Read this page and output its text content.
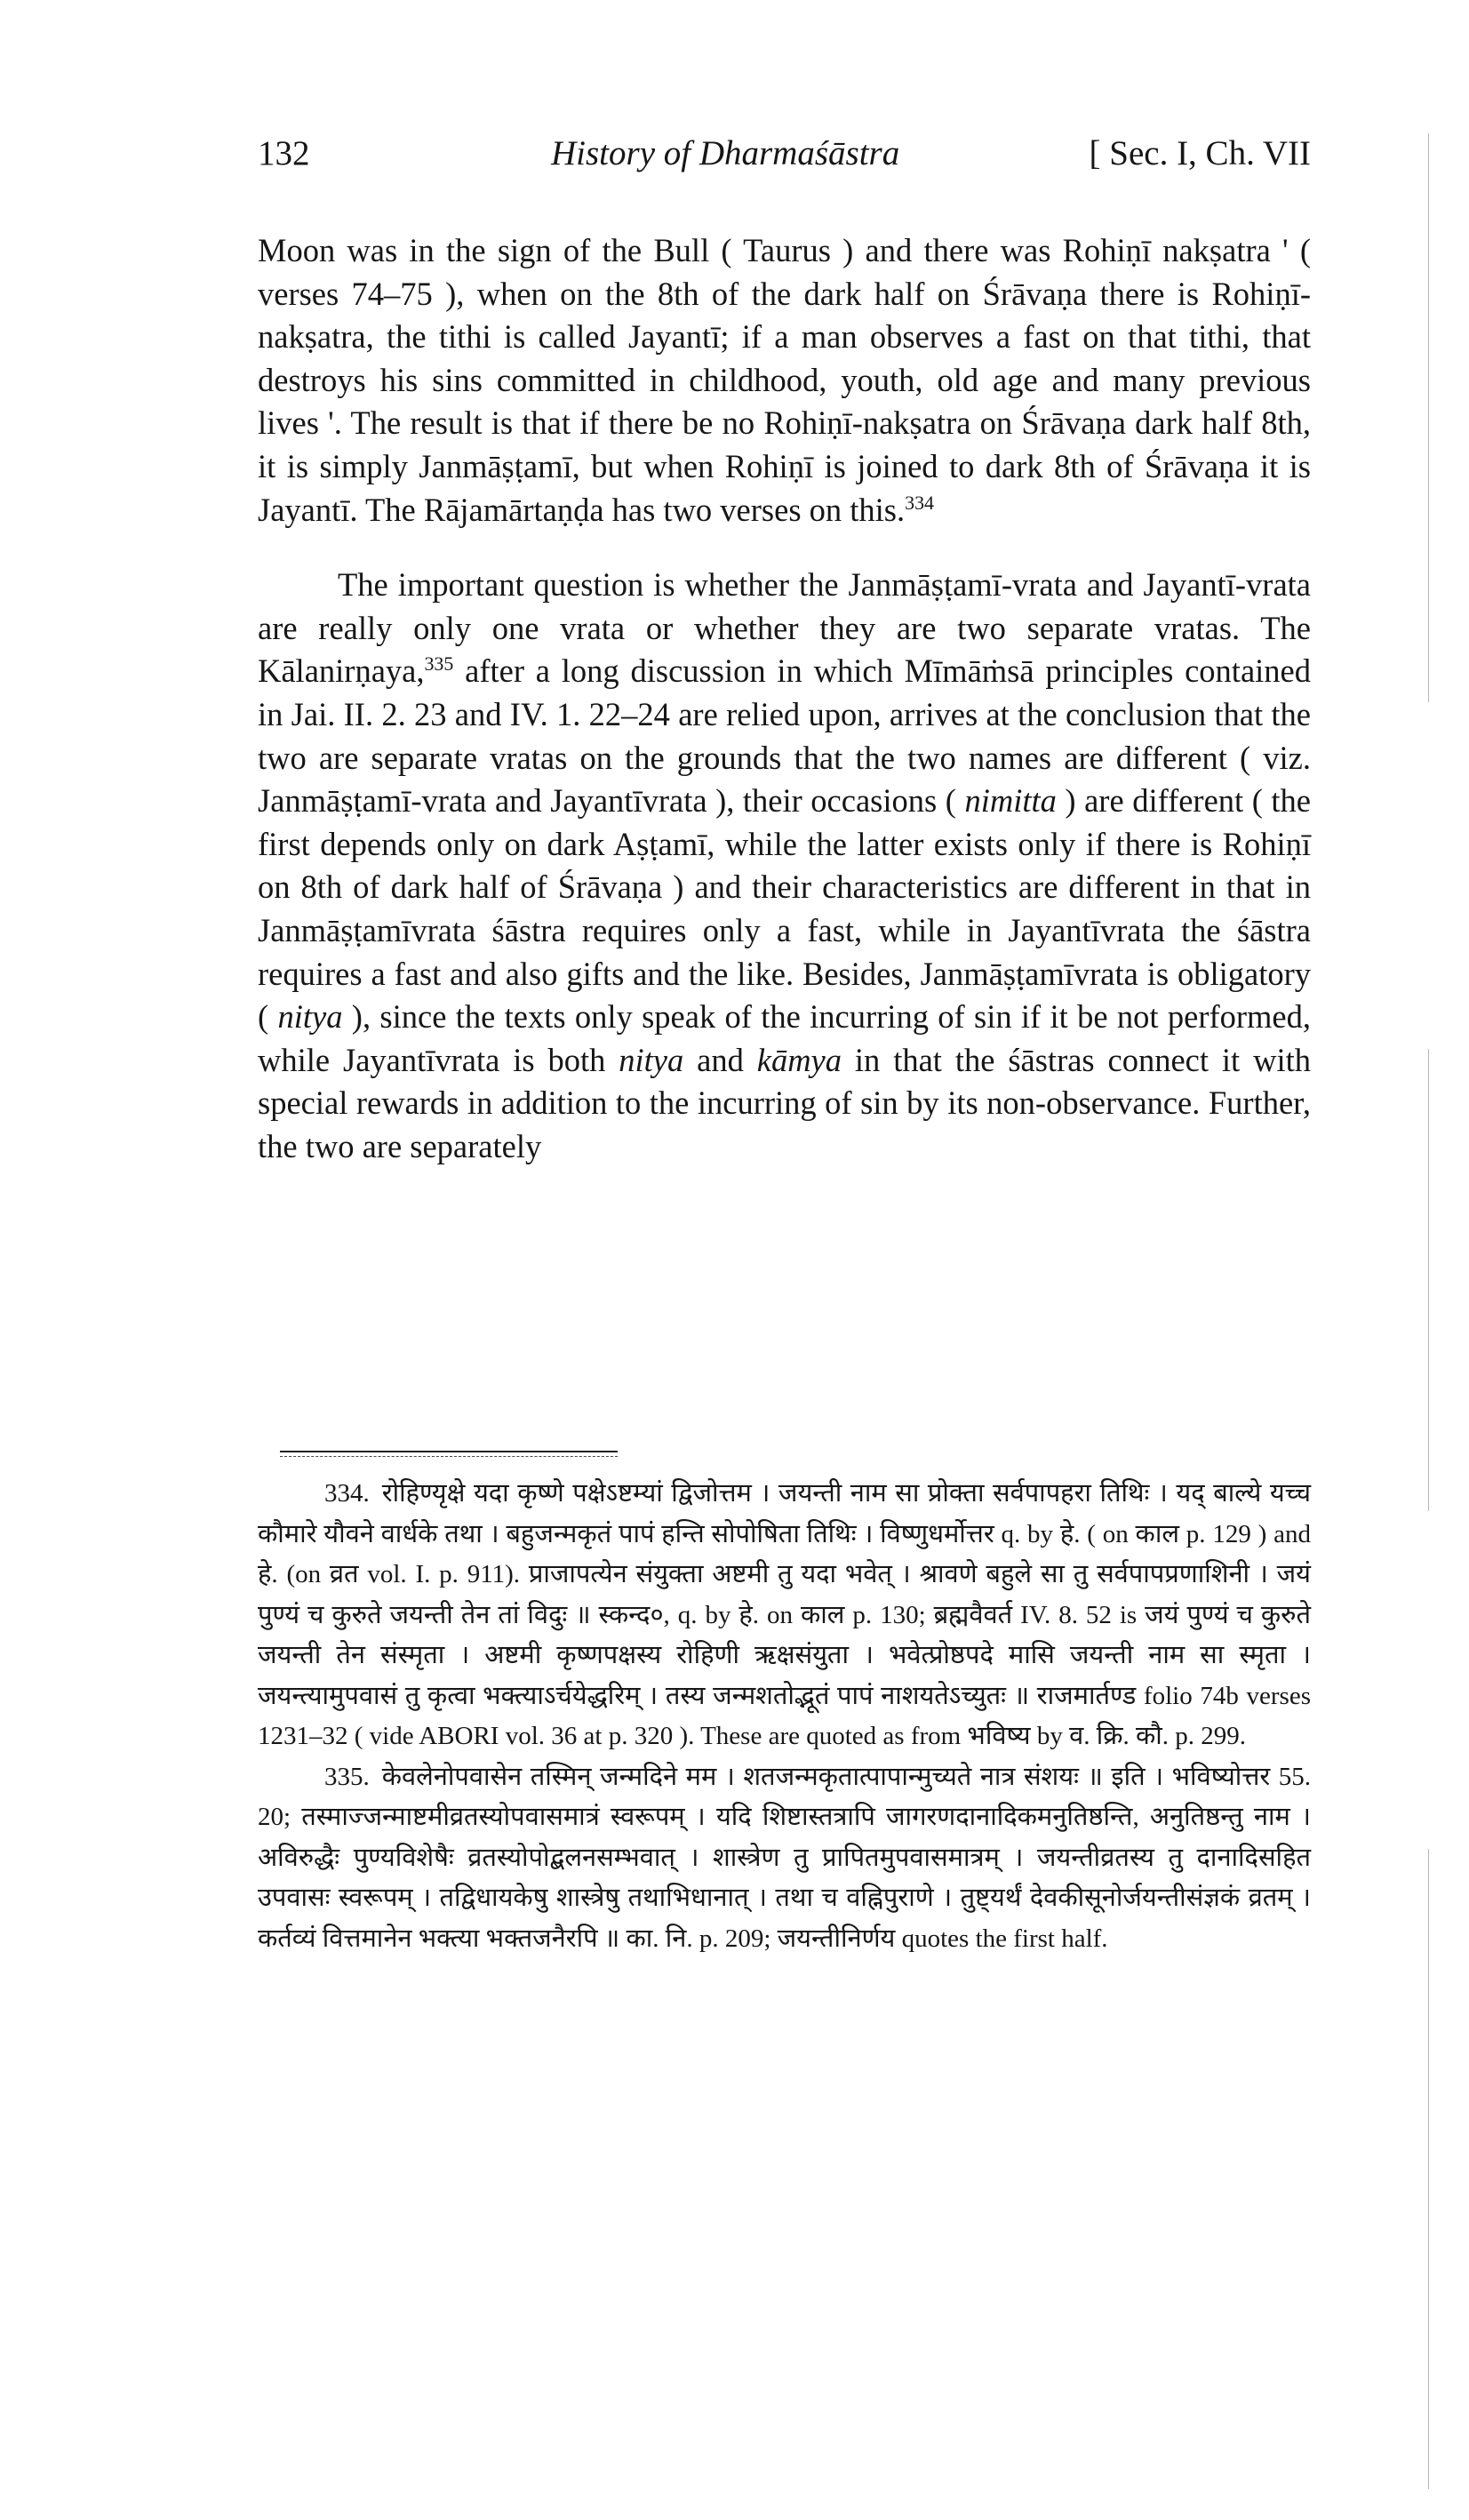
132	History of Dharmaśāstra	[ Sec. I, Ch. VII

Moon was in the sign of the Bull ( Taurus ) and there was Rohiṇī nakṣatra ' ( verses 74–75 ), when on the 8th of the dark half on Śrāvaṇa there is Rohiṇī-nakṣatra, the tithi is called Jayantī; if a man observes a fast on that tithi, that destroys his sins committed in childhood, youth, old age and many previous lives '. The result is that if there be no Rohiṇī-nakṣatra on Śrāvaṇa dark half 8th, it is simply Janmāṣṭamī, but when Rohiṇī is joined to dark 8th of Śrāvaṇa it is Jayantī. The Rājamārtaṇḍa has two verses on this.$^{334}$

The important question is whether the Janmāṣṭamī-vrata and Jayantī-vrata are really only one vrata or whether they are two separate vratas. The Kālanirṇaya,$^{335}$ after a long discussion in which Mīmāṁsā principles contained in Jai. II. 2. 23 and IV. 1. 22–24 are relied upon, arrives at the conclusion that the two are separate vratas on the grounds that the two names are different ( viz. Janmāṣṭamī-vrata and Jayantīvrata ), their occasions ( nimitta ) are different ( the first depends only on dark Aṣṭamī, while the latter exists only if there is Rohiṇī on 8th of dark half of Śrāvaṇa ) and their characteristics are different in that in Janmāṣṭamīvrata śāstra requires only a fast, while in Jayantīvrata the śāstra requires a fast and also gifts and the like. Besides, Janmāṣṭamīvrata is obligatory ( nitya ), since the texts only speak of the incurring of sin if it be not performed, while Jayantīvrata is both nitya and kāmya in that the śāstras connect it with special rewards in addition to the incurring of sin by its non-observance. Further, the two are separately

334. रोहिण्यृक्षे यदा कृष्णे पक्षेऽष्टम्यां द्विजोत्तम । जयन्ती नाम सा प्रोक्ता सर्वपापहरा तिथिः । यद् बाल्ये यच्च कौमारे यौवने वार्धके तथा । बहुजन्मकृतं पापं हन्ति सोपोषिता तिथिः । विष्णुधर्मोत्तर q. by हे. ( on काल p. 129 ) and हे. (on व्रत vol. I. p. 911). प्राजापत्येन संयुक्ता अष्टमी तु यदा भवेत् । श्रावणे बहुले सा तु सर्वपापप्रणाशिनी । जयं पुण्यं च कुरुते जयन्ती तेन तां विदुः ॥ स्कन्द०, q. by हे. on काल p. 130; ब्रह्मवैवर्त IV. 8. 52 is जयं पुण्यं च कुरुते जयन्ती तेन संस्मृता । अष्टमी कृष्णपक्षस्य रोहिणी ऋक्षसंयुता । भवेत्प्रोष्ठपदे मासि जयन्ती नाम सा स्मृता । जयन्त्यामुपवासं तु कृत्वा भक्त्याऽर्चयेद्धरिम् । तस्य जन्मशतोद्भूतं पापं नाशयतेऽच्युतः ॥ राजमार्तण्ड folio 74b verses 1231–32 ( vide ABORI vol. 36 at p. 320 ). These are quoted as from भविष्य by व. क्रि. कौ. p. 299.

335. केवलेनोपवासेन तस्मिन् जन्मदिने मम । शतजन्मकृतात्पापान्मुच्यते नात्र संशयः ॥ इति । भविष्योत्तर 55. 20; तस्माज्जन्माष्टमीव्रतस्योपवासमात्रं स्वरूपम् । यदि शिष्टास्तत्रापि जागरणदानादिकमनुतिष्ठन्ति, अनुतिष्ठन्तु नाम । अविरुद्धैः पुण्यविशेषैः व्रतस्योपोद्बलनसम्भवात् । शास्त्रेण तु प्रापितमुपवासमात्रम् । जयन्तीव्रतस्य तु दानादिसहित उपवासः स्वरूपम् । तद्विधायकेषु शास्त्रेषु तथाभिधानात् । तथा च वह्निपुराणे । तुष्ट्यर्थं देवकीसूनोर्जयन्तीसंज्ञकं व्रतम् । कर्तव्यं वित्तमानेन भक्त्या भक्तजनैरपि ॥ का. नि. p. 209; जयन्तीनिर्णय quotes the first half.
